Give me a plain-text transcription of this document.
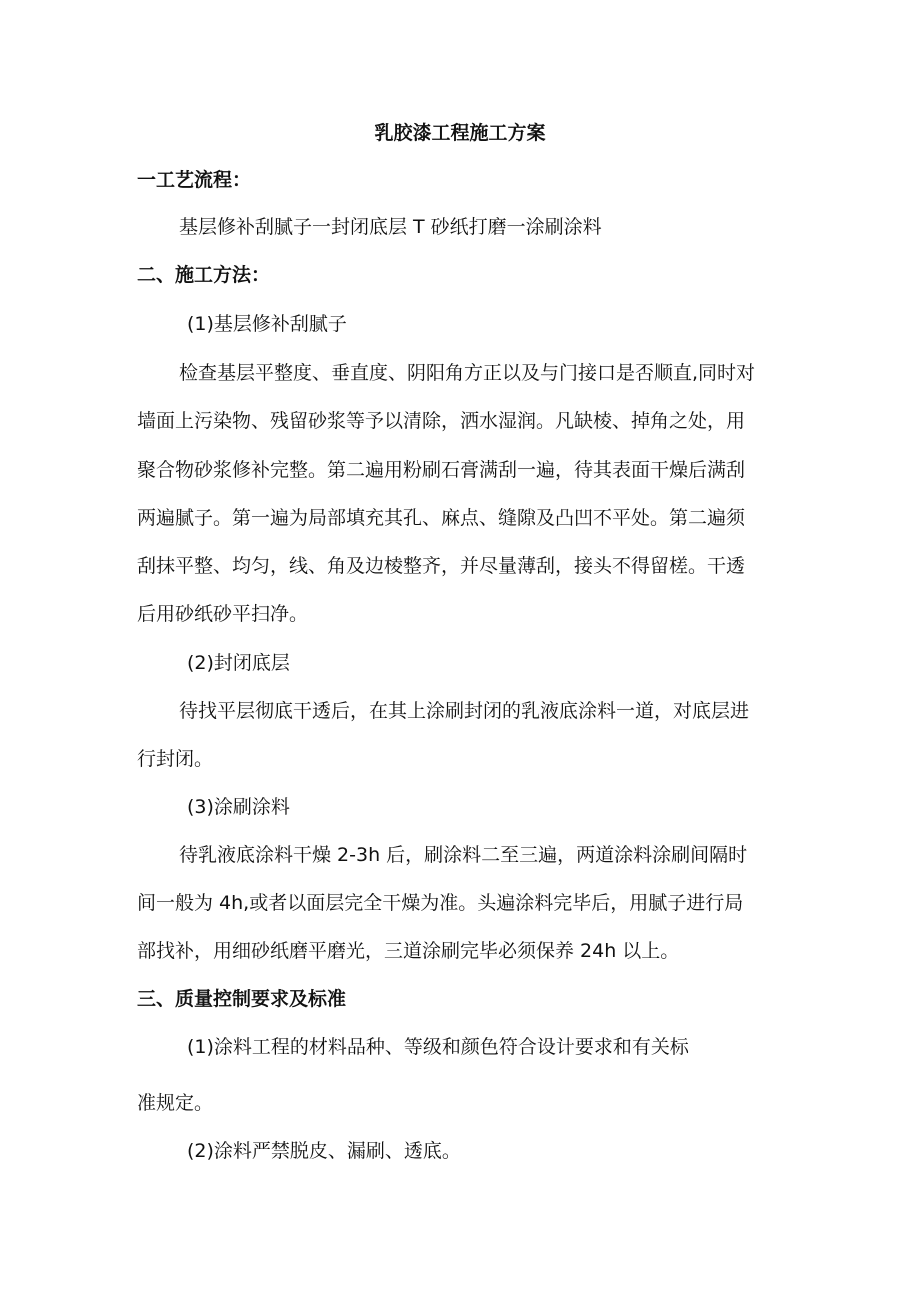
乳胶漆工程施工方案
一工艺流程：
基层修补刮腻子一封闭底层 T 砂纸打磨一涂刷涂料
二、施工方法：
(1)基层修补刮腻子
检查基层平整度、垂直度、阴阳角方正以及与门接口是否顺直,同时对
墙面上污染物、残留砂浆等予以清除，洒水湿润。凡缺棱、掉角之处，用
聚合物砂浆修补完整。第二遍用粉刷石膏满刮一遍，待其表面干燥后满刮
两遍腻子。第一遍为局部填充其孔、麻点、缝隙及凸凹不平处。第二遍须
刮抹平整、均匀，线、角及边棱整齐，并尽量薄刮，接头不得留槎。干透
后用砂纸砂平扫净。
(2)封闭底层
待找平层彻底干透后，在其上涂刷封闭的乳液底涂料一道，对底层进
行封闭。
(3)涂刷涂料
待乳液底涂料干燥 2-3h 后，刷涂料二至三遍，两道涂料涂刷间隔时
间一般为 4h,或者以面层完全干燥为准。头遍涂料完毕后，用腻子进行局
部找补，用细砂纸磨平磨光，三道涂刷完毕必须保养 24h 以上。
三、质量控制要求及标准
(1)涂料工程的材料品种、等级和颜色符合设计要求和有关标
准规定。
(2)涂料严禁脱皮、漏刷、透底。
